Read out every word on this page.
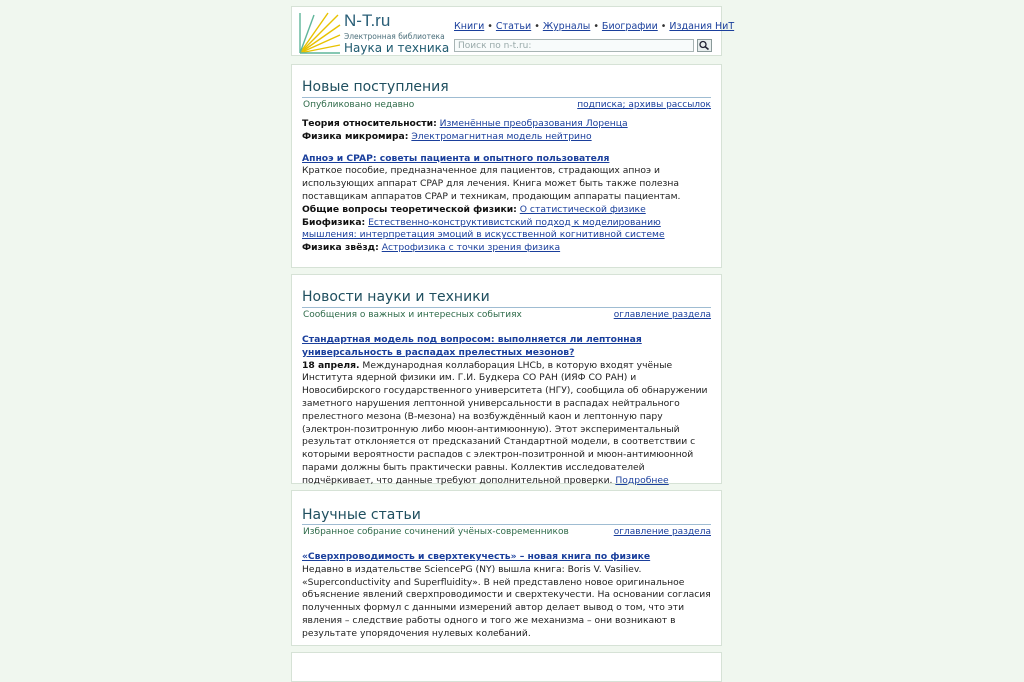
N-T.ru
Электронная библиотека
Наука и техника
Книги • Статьи • Журналы • Биографии • Издания НиТ
Поиск по n-t.ru:
Новые поступления
Опубликовано недавно	подписка; архивы рассылок

Теория относительности: Изменённые преобразования Лоренца

Физика микромира: Электромагнитная модель нейтрино

Апноэ и CPAP: советы пациента и опытного пользователя

Краткое пособие, предназначенное для пациентов, страдающих апноэ и использующих аппарат CPAP для лечения. Книга может быть также полезна поставщикам аппаратов CPAP и техникам, продающим аппараты пациентам.

Общие вопросы теоретической физики: О статистической физике

Биофизика: Естественно-конструктивистский подход к моделированию мышления: интерпретация эмоций в искусственной когнитивной системе

Физика звёзд: Астрофизика с точки зрения физика

Новости науки и техники
Сообщения о важных и интересных событиях	оглавление раздела

Стандартная модель под вопросом: выполняется ли лептонная универсальность в распадах прелестных мезонов?

18 апреля. Международная коллаборация LHCb, в которую входят учёные Института ядерной физики им. Г.И. Будкера СО РАН (ИЯФ СО РАН) и Новосибирского государственного университета (НГУ), сообщила об обнаружении заметного нарушения лептонной универсальности в распадах нейтрального прелестного мезона (B-мезона) на возбуждённый каон и лептонную пару (электрон-позитронную либо мюон-антимюонную). Этот экспериментальный результат отклоняется от предсказаний Стандартной модели, в соответствии с которыми вероятности распадов с электрон-позитронной и мюон-антимюонной парами должны быть практически равны. Коллектив исследователей подчёркивает, что данные требуют дополнительной проверки. Подробнее

Научные статьи
Избранное собрание сочинений учёных-современников	оглавление раздела

«Сверхпроводимость и сверхтекучесть» – новая книга по физике

Недавно в издательстве SciencePG (NY) вышла книга: Boris V. Vasiliev. «Superconductivity and Superfluidity». В ней представлено новое оригинальное объяснение явлений сверхпроводимости и сверхтекучести. На основании согласия полученных формул с данными измерений автор делает вывод о том, что эти явления – следствие работы одного и того же механизма – они возникают в результате упорядочения нулевых колебаний.
